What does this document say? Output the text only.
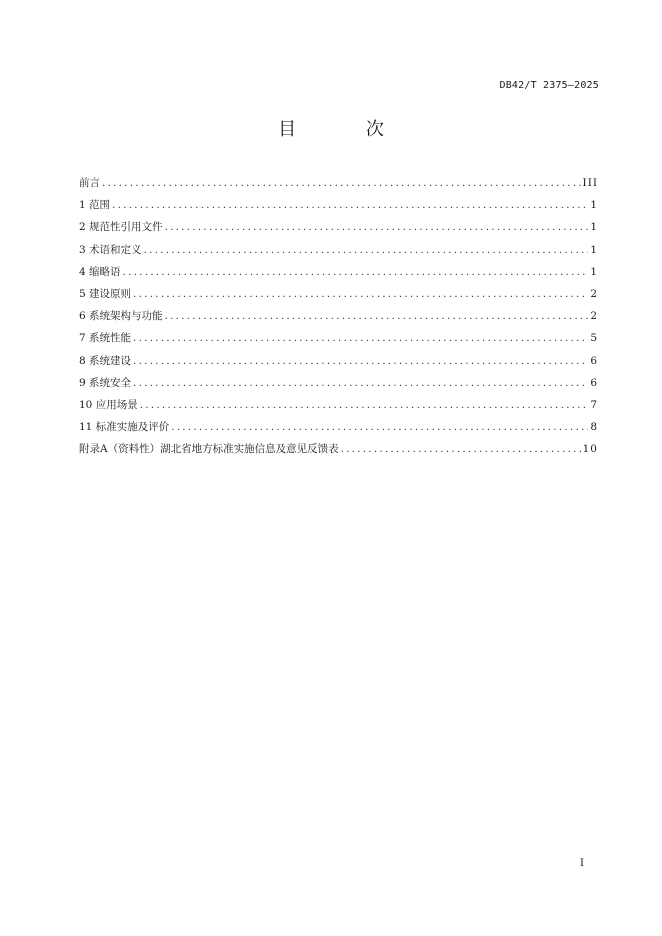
DB42/T 2375—2025
目 次
前言 .....	III
1 范围 .....	1
2 规范性引用文件 .....	1
3 术语和定义 .....	1
4 缩略语 .....	1
5 建设原则 .....	2
6 系统架构与功能 .....	2
7 系统性能 .....	5
8 系统建设 .....	6
9 系统安全 .....	6
10 应用场景 .....	7
11 标准实施及评价 .....	8
附录A（资料性）湖北省地方标准实施信息及意见反馈表 .....	10
I
